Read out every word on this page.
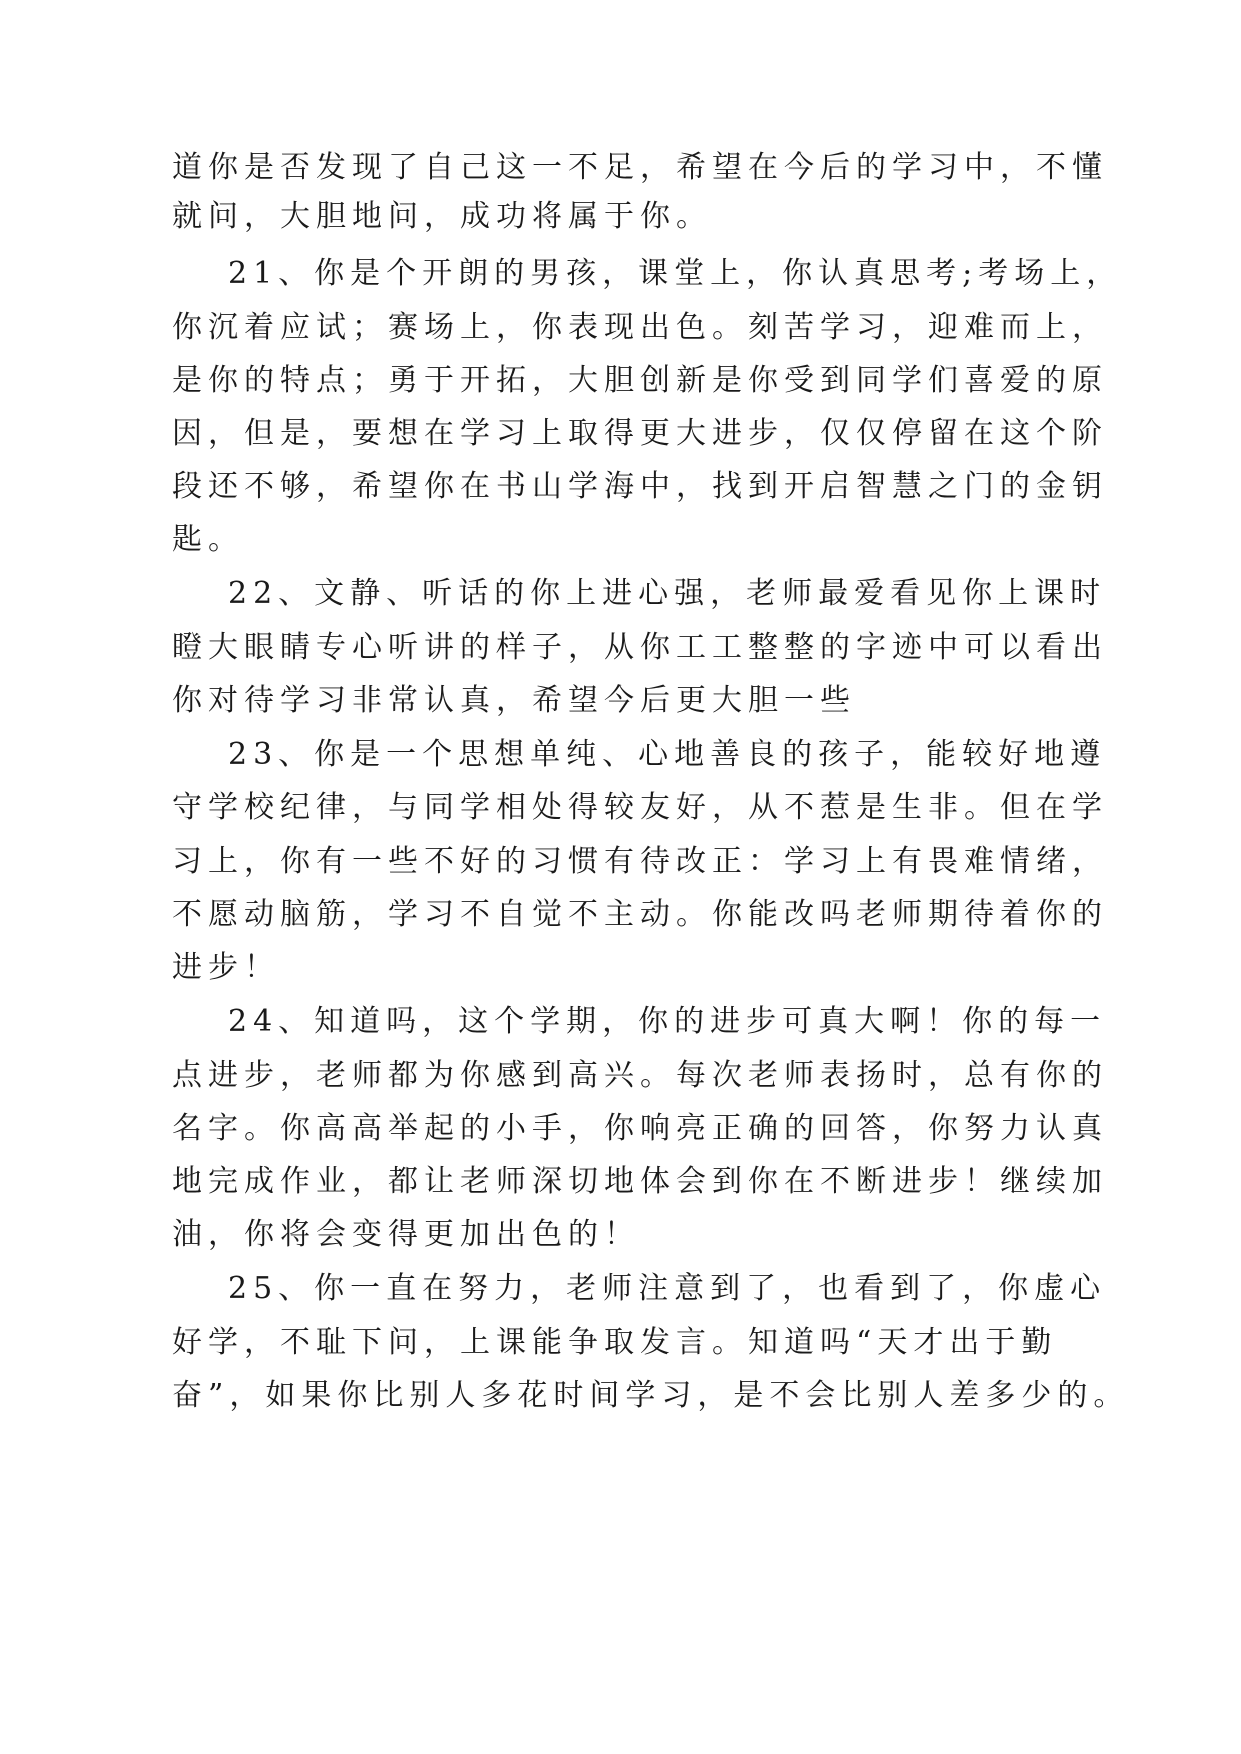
道你是否发现了自己这一不足，希望在今后的学习中，不懂

就问，大胆地问，成功将属于你。

21、你是个开朗的男孩，课堂上，你认真思考;考场上，

你沉着应试；赛场上，你表现出色。刻苦学习，迎难而上，

是你的特点；勇于开拓，大胆创新是你受到同学们喜爱的原

因，但是，要想在学习上取得更大进步，仅仅停留在这个阶

段还不够，希望你在书山学海中，找到开启智慧之门的金钥

匙。

22、文静、听话的你上进心强，老师最爱看见你上课时

瞪大眼睛专心听讲的样子，从你工工整整的字迹中可以看出

你对待学习非常认真，希望今后更大胆一些

23、你是一个思想单纯、心地善良的孩子，能较好地遵

守学校纪律，与同学相处得较友好，从不惹是生非。但在学

习上，你有一些不好的习惯有待改正：学习上有畏难情绪，

不愿动脑筋，学习不自觉不主动。你能改吗老师期待着你的

进步！

24、知道吗，这个学期，你的进步可真大啊！你的每一

点进步，老师都为你感到高兴。每次老师表扬时，总有你的

名字。你高高举起的小手，你响亮正确的回答，你努力认真

地完成作业，都让老师深切地体会到你在不断进步！继续加

油，你将会变得更加出色的！

25、你一直在努力，老师注意到了，也看到了，你虚心

好学，不耻下问，上课能争取发言。知道吗“天才出于勤

奋”，如果你比别人多花时间学习，是不会比别人差多少的。
